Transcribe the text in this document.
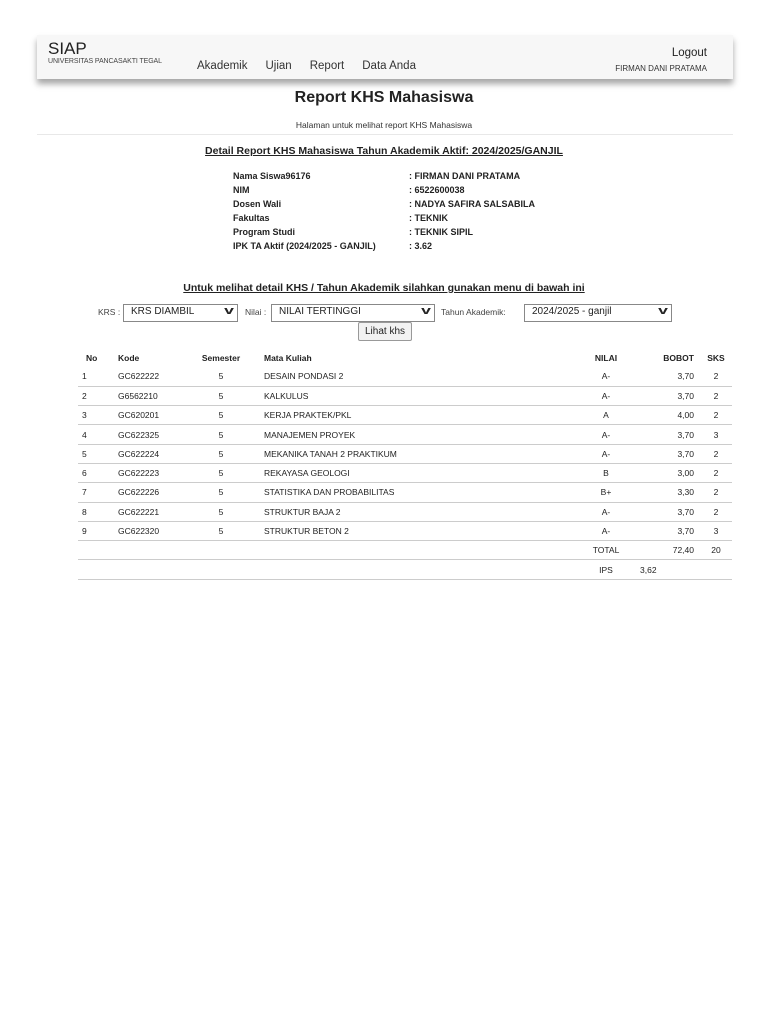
SIAP
UNIVERSITAS PANCASAKTI TEGAL	Akademik Ujian Report Data Anda
Logout
FIRMAN DANI PRATAMA
Report KHS Mahasiswa
Halaman untuk melihat report KHS Mahasiswa
Detail Report KHS Mahasiswa Tahun Akademik Aktif: 2024/2025/GANJIL
Nama Siswa96176	: FIRMAN DANI PRATAMA
NIM	: 6522600038
Dosen Wali	: NADYA SAFIRA SALSABILA
Fakultas	: TEKNIK
Program Studi	: TEKNIK SIPIL
IPK TA Aktif (2024/2025 - GANJIL)	: 3.62
Untuk melihat detail KHS / Tahun Akademik silahkan gunakan menu di bawah ini
KRS :	KRS DIAMBIL	v Nilai :	NILAI TERTINGGI	v Tahun Akademik:	2024/2025 - ganjil	v
Lihat khs
No	Kode	Semester	Mata Kuliah	NILAI	BOBOT	SKS
1	GC622222	5	DESAIN PONDASI 2	A-	3,70	2
2	G6562210	5	KALKULUS	A-	3,70	2
3	GC620201	5	KERJA PRAKTEK/PKL	A	4,00	2
4	GC622325	5	MANAJEMEN PROYEK	A-	3,70	3
5	GC622224	5	MEKANIKA TANAH 2 PRAKTIKUM	A-	3,70	2
6	GC622223	5	REKAYASA GEOLOGI	B	3,00	2
7	GC622226	5	STATISTIKA DAN PROBABILITAS	B+	3,30	2
8	GC622221	5	STRUKTUR BAJA 2	A-	3,70	2
9	GC622320	5	STRUKTUR BETON 2	A-	3,70	3
				TOTAL	72,40	20
				IPS	3,62	
